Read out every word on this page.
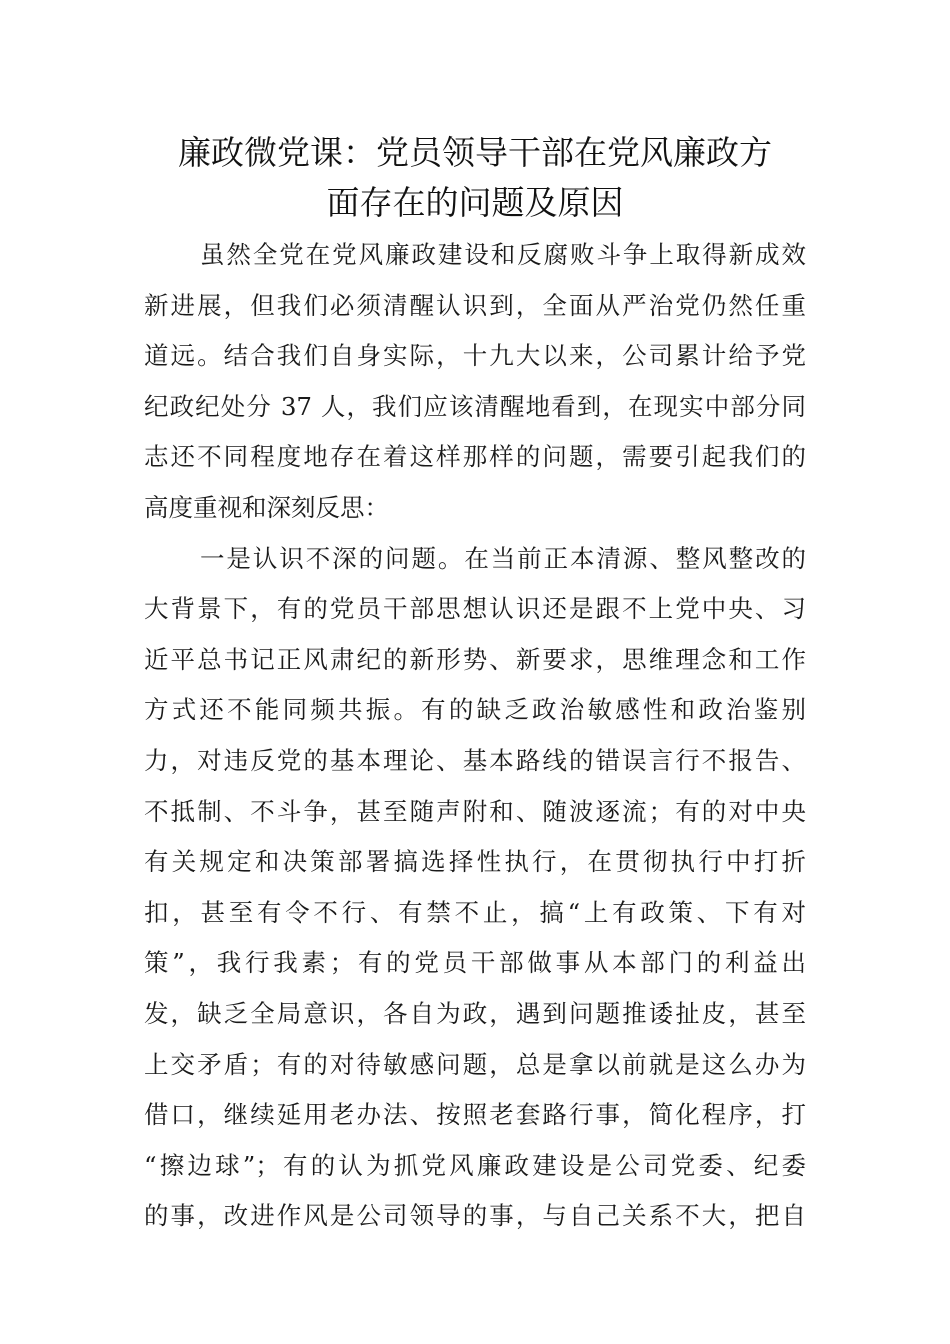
廉政微党课：党员领导干部在党风廉政方
面存在的问题及原因
虽然全党在党风廉政建设和反腐败斗争上取得新成效
新进展，但我们必须清醒认识到，全面从严治党仍然任重
道远。结合我们自身实际，十九大以来，公司累计给予党
纪政纪处分 37 人，我们应该清醒地看到，在现实中部分同
志还不同程度地存在着这样那样的问题，需要引起我们的
高度重视和深刻反思：
一是认识不深的问题。在当前正本清源、整风整改的
大背景下，有的党员干部思想认识还是跟不上党中央、习
近平总书记正风肃纪的新形势、新要求，思维理念和工作
方式还不能同频共振。有的缺乏政治敏感性和政治鉴别
力，对违反党的基本理论、基本路线的错误言行不报告、
不抵制、不斗争，甚至随声附和、随波逐流；有的对中央
有关规定和决策部署搞选择性执行，在贯彻执行中打折
扣，甚至有令不行、有禁不止，搞“上有政策、下有对
策”，我行我素；有的党员干部做事从本部门的利益出
发，缺乏全局意识，各自为政，遇到问题推诿扯皮，甚至
上交矛盾；有的对待敏感问题，总是拿以前就是这么办为
借口，继续延用老办法、按照老套路行事，简化程序，打
“擦边球”；有的认为抓党风廉政建设是公司党委、纪委
的事，改进作风是公司领导的事，与自己关系不大，把自
